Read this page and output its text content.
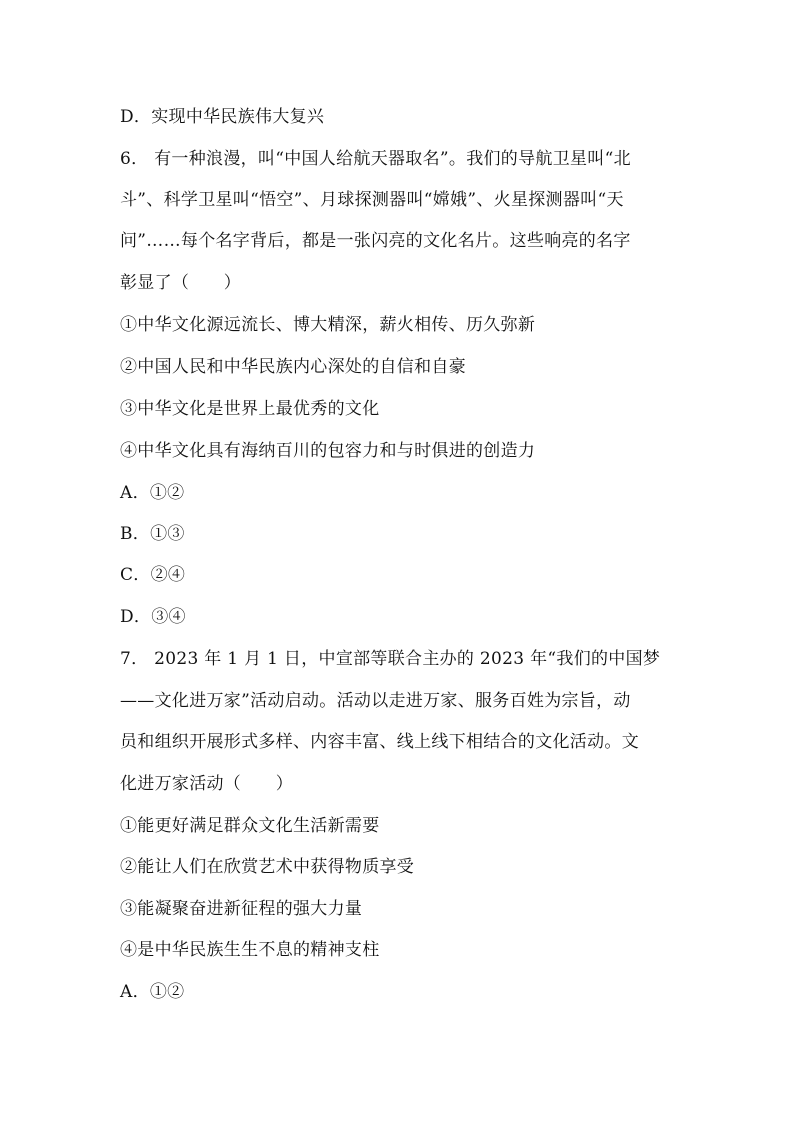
D．实现中华民族伟大复兴
6． 有一种浪漫，叫“中国人给航天器取名”。我们的导航卫星叫“北
斗”、科学卫星叫“悟空”、月球探测器叫“嫦娥”、火星探测器叫“天
问”……每个名字背后，都是一张闪亮的文化名片。这些响亮的名字
彰显了（　　）
①中华文化源远流长、博大精深，薪火相传、历久弥新
②中国人民和中华民族内心深处的自信和自豪
③中华文化是世界上最优秀的文化
④中华文化具有海纳百川的包容力和与时俱进的创造力
A．①②
B．①③
C．②④
D．③④
7． 2023 年 1 月 1 日，中宣部等联合主办的 2023 年“我们的中国梦
——文化进万家”活动启动。活动以走进万家、服务百姓为宗旨，动
员和组织开展形式多样、内容丰富、线上线下相结合的文化活动。文
化进万家活动（　　）
①能更好满足群众文化生活新需要
②能让人们在欣赏艺术中获得物质享受
③能凝聚奋进新征程的强大力量
④是中华民族生生不息的精神支柱
A．①②
